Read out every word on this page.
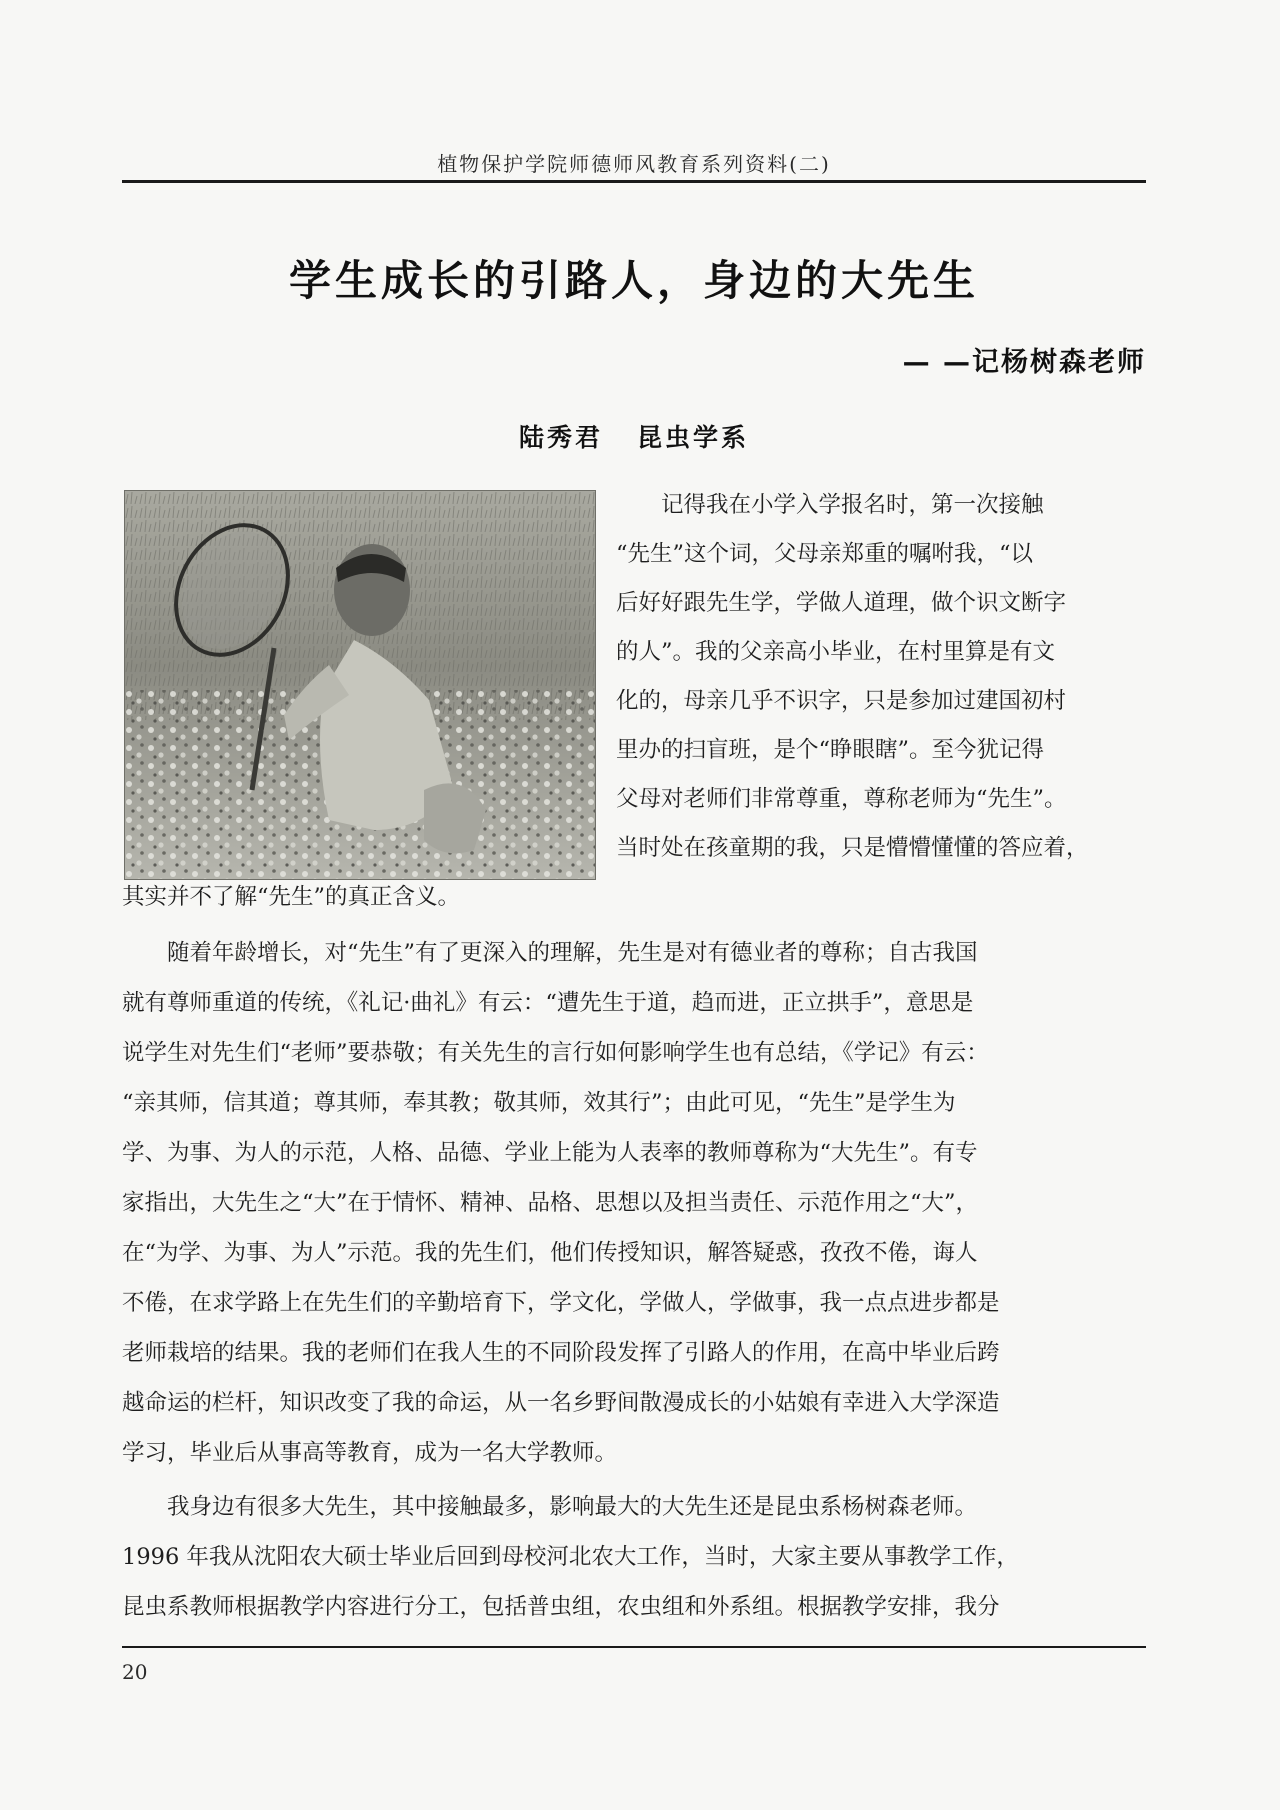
植物保护学院师德师风教育系列资料(二)
学生成长的引路人，身边的大先生
— —记杨树森老师
陆秀君 昆虫学系
　　记得我在小学入学报名时，第一次接触
“先生”这个词，父母亲郑重的嘱咐我，“以
后好好跟先生学，学做人道理，做个识文断字
的人”。我的父亲高小毕业，在村里算是有文
化的，母亲几乎不识字，只是参加过建国初村
里办的扫盲班，是个“睁眼瞎”。至今犹记得
父母对老师们非常尊重，尊称老师为“先生”。
当时处在孩童期的我，只是懵懵懂懂的答应着，
其实并不了解“先生”的真正含义。
　　随着年龄增长，对“先生”有了更深入的理解，先生是对有德业者的尊称；自古我国
就有尊师重道的传统，《礼记·曲礼》有云：“遭先生于道，趋而进，正立拱手”，意思是
说学生对先生们“老师”要恭敬；有关先生的言行如何影响学生也有总结，《学记》有云：
“亲其师，信其道；尊其师，奉其教；敬其师，效其行”；由此可见，“先生”是学生为
学、为事、为人的示范，人格、品德、学业上能为人表率的教师尊称为“大先生”。有专
家指出，大先生之“大”在于情怀、精神、品格、思想以及担当责任、示范作用之“大”，
在“为学、为事、为人”示范。我的先生们，他们传授知识，解答疑惑，孜孜不倦，诲人
不倦，在求学路上在先生们的辛勤培育下，学文化，学做人，学做事，我一点点进步都是
老师栽培的结果。我的老师们在我人生的不同阶段发挥了引路人的作用，在高中毕业后跨
越命运的栏杆，知识改变了我的命运，从一名乡野间散漫成长的小姑娘有幸进入大学深造
学习，毕业后从事高等教育，成为一名大学教师。
　　我身边有很多大先生，其中接触最多，影响最大的大先生还是昆虫系杨树森老师。
1996 年我从沈阳农大硕士毕业后回到母校河北农大工作，当时，大家主要从事教学工作，
昆虫系教师根据教学内容进行分工，包括普虫组，农虫组和外系组。根据教学安排，我分
20
